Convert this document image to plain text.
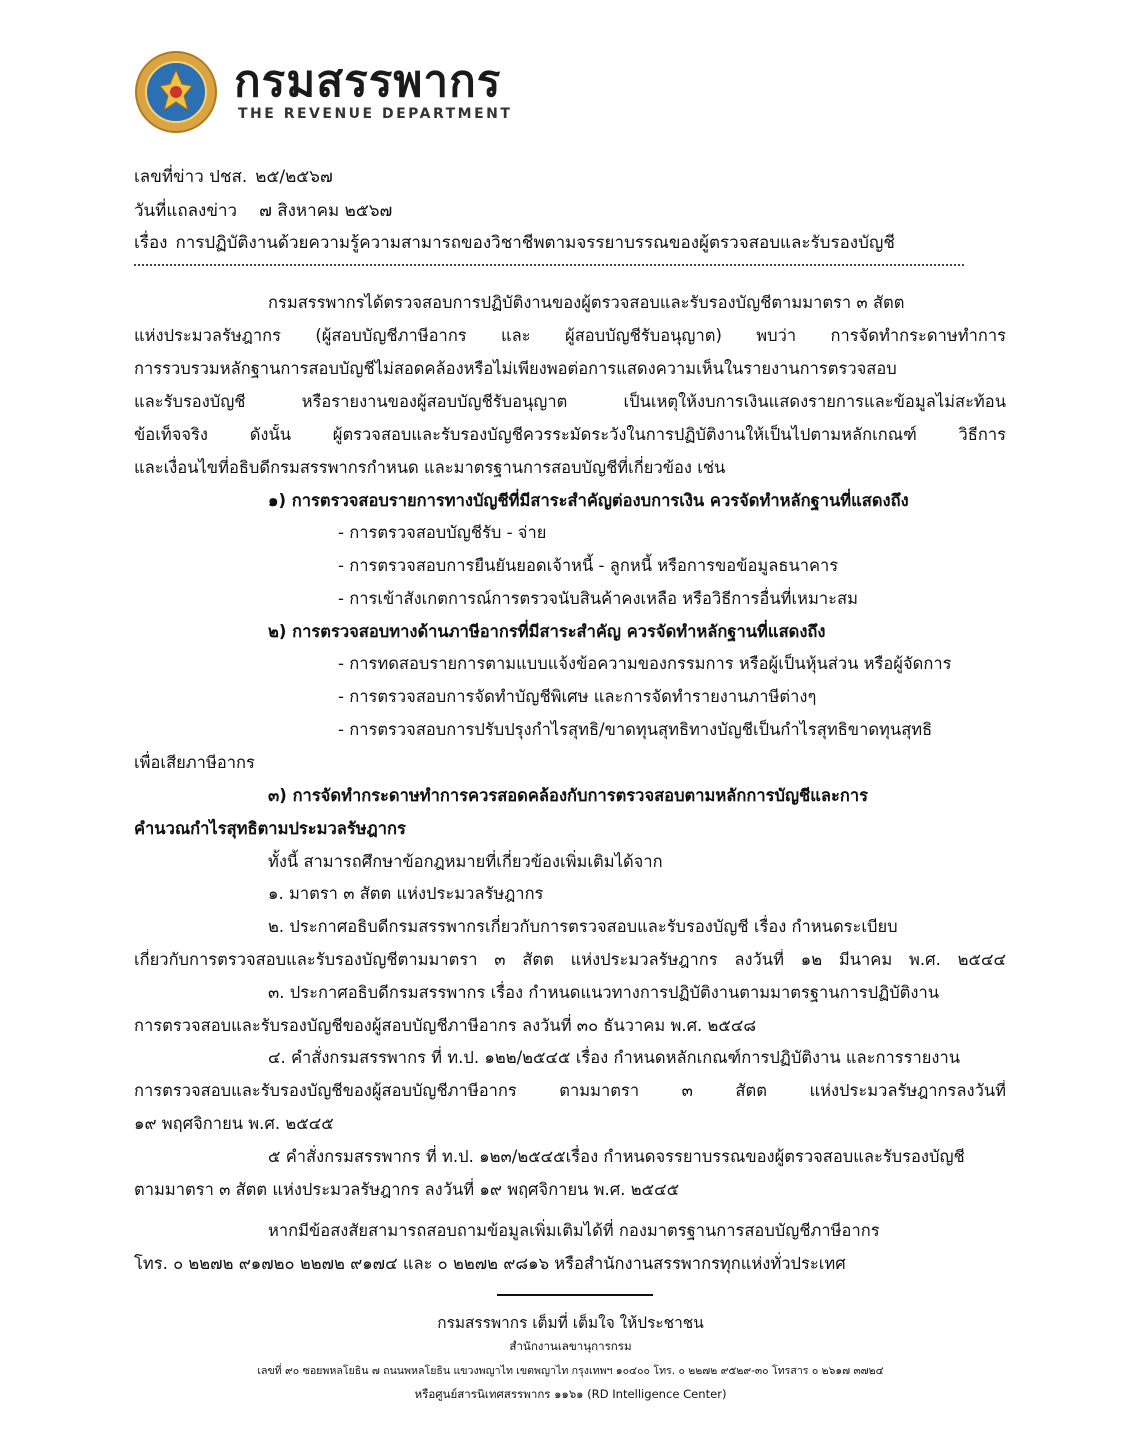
กรมสรรพากร
THE REVENUE DEPARTMENT
เลขที่ข่าว ปชส. ๒๕/๒๕๖๗
วันที่แถลงข่าว ๗ สิงหาคม ๒๕๖๗
เรื่อง การปฏิบัติงานด้วยความรู้ความสามารถของวิชาชีพตามจรรยาบรรณของผู้ตรวจสอบและรับรองบัญชี
กรมสรรพากรได้ตรวจสอบการปฏิบัติงานของผู้ตรวจสอบและรับรองบัญชีตามมาตรา ๓ สัตต
แห่งประมวลรัษฎากร (ผู้สอบบัญชีภาษีอากร และ ผู้สอบบัญชีรับอนุญาต) พบว่า การจัดทำกระดาษทำการ
การรวบรวมหลักฐานการสอบบัญชีไม่สอดคล้องหรือไม่เพียงพอต่อการแสดงความเห็นในรายงานการตรวจสอบ
และรับรองบัญชี หรือรายงานของผู้สอบบัญชีรับอนุญาต เป็นเหตุให้งบการเงินแสดงรายการและข้อมูลไม่สะท้อน
ข้อเท็จจริง ดังนั้น ผู้ตรวจสอบและรับรองบัญชีควรระมัดระวังในการปฏิบัติงานให้เป็นไปตามหลักเกณฑ์ วิธีการ
และเงื่อนไขที่อธิบดีกรมสรรพากรกำหนด และมาตรฐานการสอบบัญชีที่เกี่ยวข้อง เช่น
๑) การตรวจสอบรายการทางบัญชีที่มีสาระสำคัญต่องบการเงิน ควรจัดทำหลักฐานที่แสดงถึง
- การตรวจสอบบัญชีรับ - จ่าย
- การตรวจสอบการยืนยันยอดเจ้าหนี้ - ลูกหนี้ หรือการขอข้อมูลธนาคาร
- การเข้าสังเกตการณ์การตรวจนับสินค้าคงเหลือ หรือวิธีการอื่นที่เหมาะสม
๒) การตรวจสอบทางด้านภาษีอากรที่มีสาระสำคัญ ควรจัดทำหลักฐานที่แสดงถึง
- การทดสอบรายการตามแบบแจ้งข้อความของกรรมการ หรือผู้เป็นหุ้นส่วน หรือผู้จัดการ
- การตรวจสอบการจัดทำบัญชีพิเศษ และการจัดทำรายงานภาษีต่างๆ
- การตรวจสอบการปรับปรุงกำไรสุทธิ/ขาดทุนสุทธิทางบัญชีเป็นกำไรสุทธิขาดทุนสุทธิ
เพื่อเสียภาษีอากร
๓) การจัดทำกระดาษทำการควรสอดคล้องกับการตรวจสอบตามหลักการบัญชีและการ
คำนวณกำไรสุทธิตามประมวลรัษฎากร
ทั้งนี้ สามารถศึกษาข้อกฎหมายที่เกี่ยวข้องเพิ่มเติมได้จาก
๑. มาตรา ๓ สัตต แห่งประมวลรัษฎากร
๒. ประกาศอธิบดีกรมสรรพากรเกี่ยวกับการตรวจสอบและรับรองบัญชี เรื่อง กำหนดระเบียบ
เกี่ยวกับการตรวจสอบและรับรองบัญชีตามมาตรา ๓ สัตต แห่งประมวลรัษฎากร ลงวันที่ ๑๒ มีนาคม พ.ศ. ๒๕๔๔
๓. ประกาศอธิบดีกรมสรรพากร เรื่อง กำหนดแนวทางการปฏิบัติงานตามมาตรฐานการปฏิบัติงาน
การตรวจสอบและรับรองบัญชีของผู้สอบบัญชีภาษีอากร ลงวันที่ ๓๐ ธันวาคม พ.ศ. ๒๕๔๘
๔. คำสั่งกรมสรรพากร ที่ ท.ป. ๑๒๒/๒๕๔๕ เรื่อง กำหนดหลักเกณฑ์การปฏิบัติงาน และการรายงาน
การตรวจสอบและรับรองบัญชีของผู้สอบบัญชีภาษีอากร ตามมาตรา ๓ สัตต แห่งประมวลรัษฎากรลงวันที่
๑๙ พฤศจิกายน พ.ศ. ๒๕๔๕
๕ คำสั่งกรมสรรพากร ที่ ท.ป. ๑๒๓/๒๕๔๕เรื่อง กำหนดจรรยาบรรณของผู้ตรวจสอบและรับรองบัญชี
ตามมาตรา ๓ สัตต แห่งประมวลรัษฎากร ลงวันที่ ๑๙ พฤศจิกายน พ.ศ. ๒๕๔๕
หากมีข้อสงสัยสามารถสอบถามข้อมูลเพิ่มเติมได้ที่ กองมาตรฐานการสอบบัญชีภาษีอากร
โทร. ๐ ๒๒๗๒ ๙๑๗๒๐ ๒๒๗๒ ๙๑๗๔ และ ๐ ๒๒๗๒ ๙๘๑๖ หรือสำนักงานสรรพากรทุกแห่งทั่วประเทศ
กรมสรรพากร เต็มที่ เต็มใจ ให้ประชาชน
สำนักงานเลขานุการกรม
เลขที่ ๙๐ ซอยพหลโยธิน ๗ ถนนพหลโยธิน แขวงพญาไท เขตพญาไท กรุงเทพฯ ๑๐๔๐๐ โทร. ๐ ๒๒๗๒ ๙๕๒๙-๓๐ โทรสาร ๐ ๒๖๑๗ ๓๗๒๔
หรือศูนย์สารนิเทศสรรพากร ๑๑๖๑ (RD Intelligence Center)
